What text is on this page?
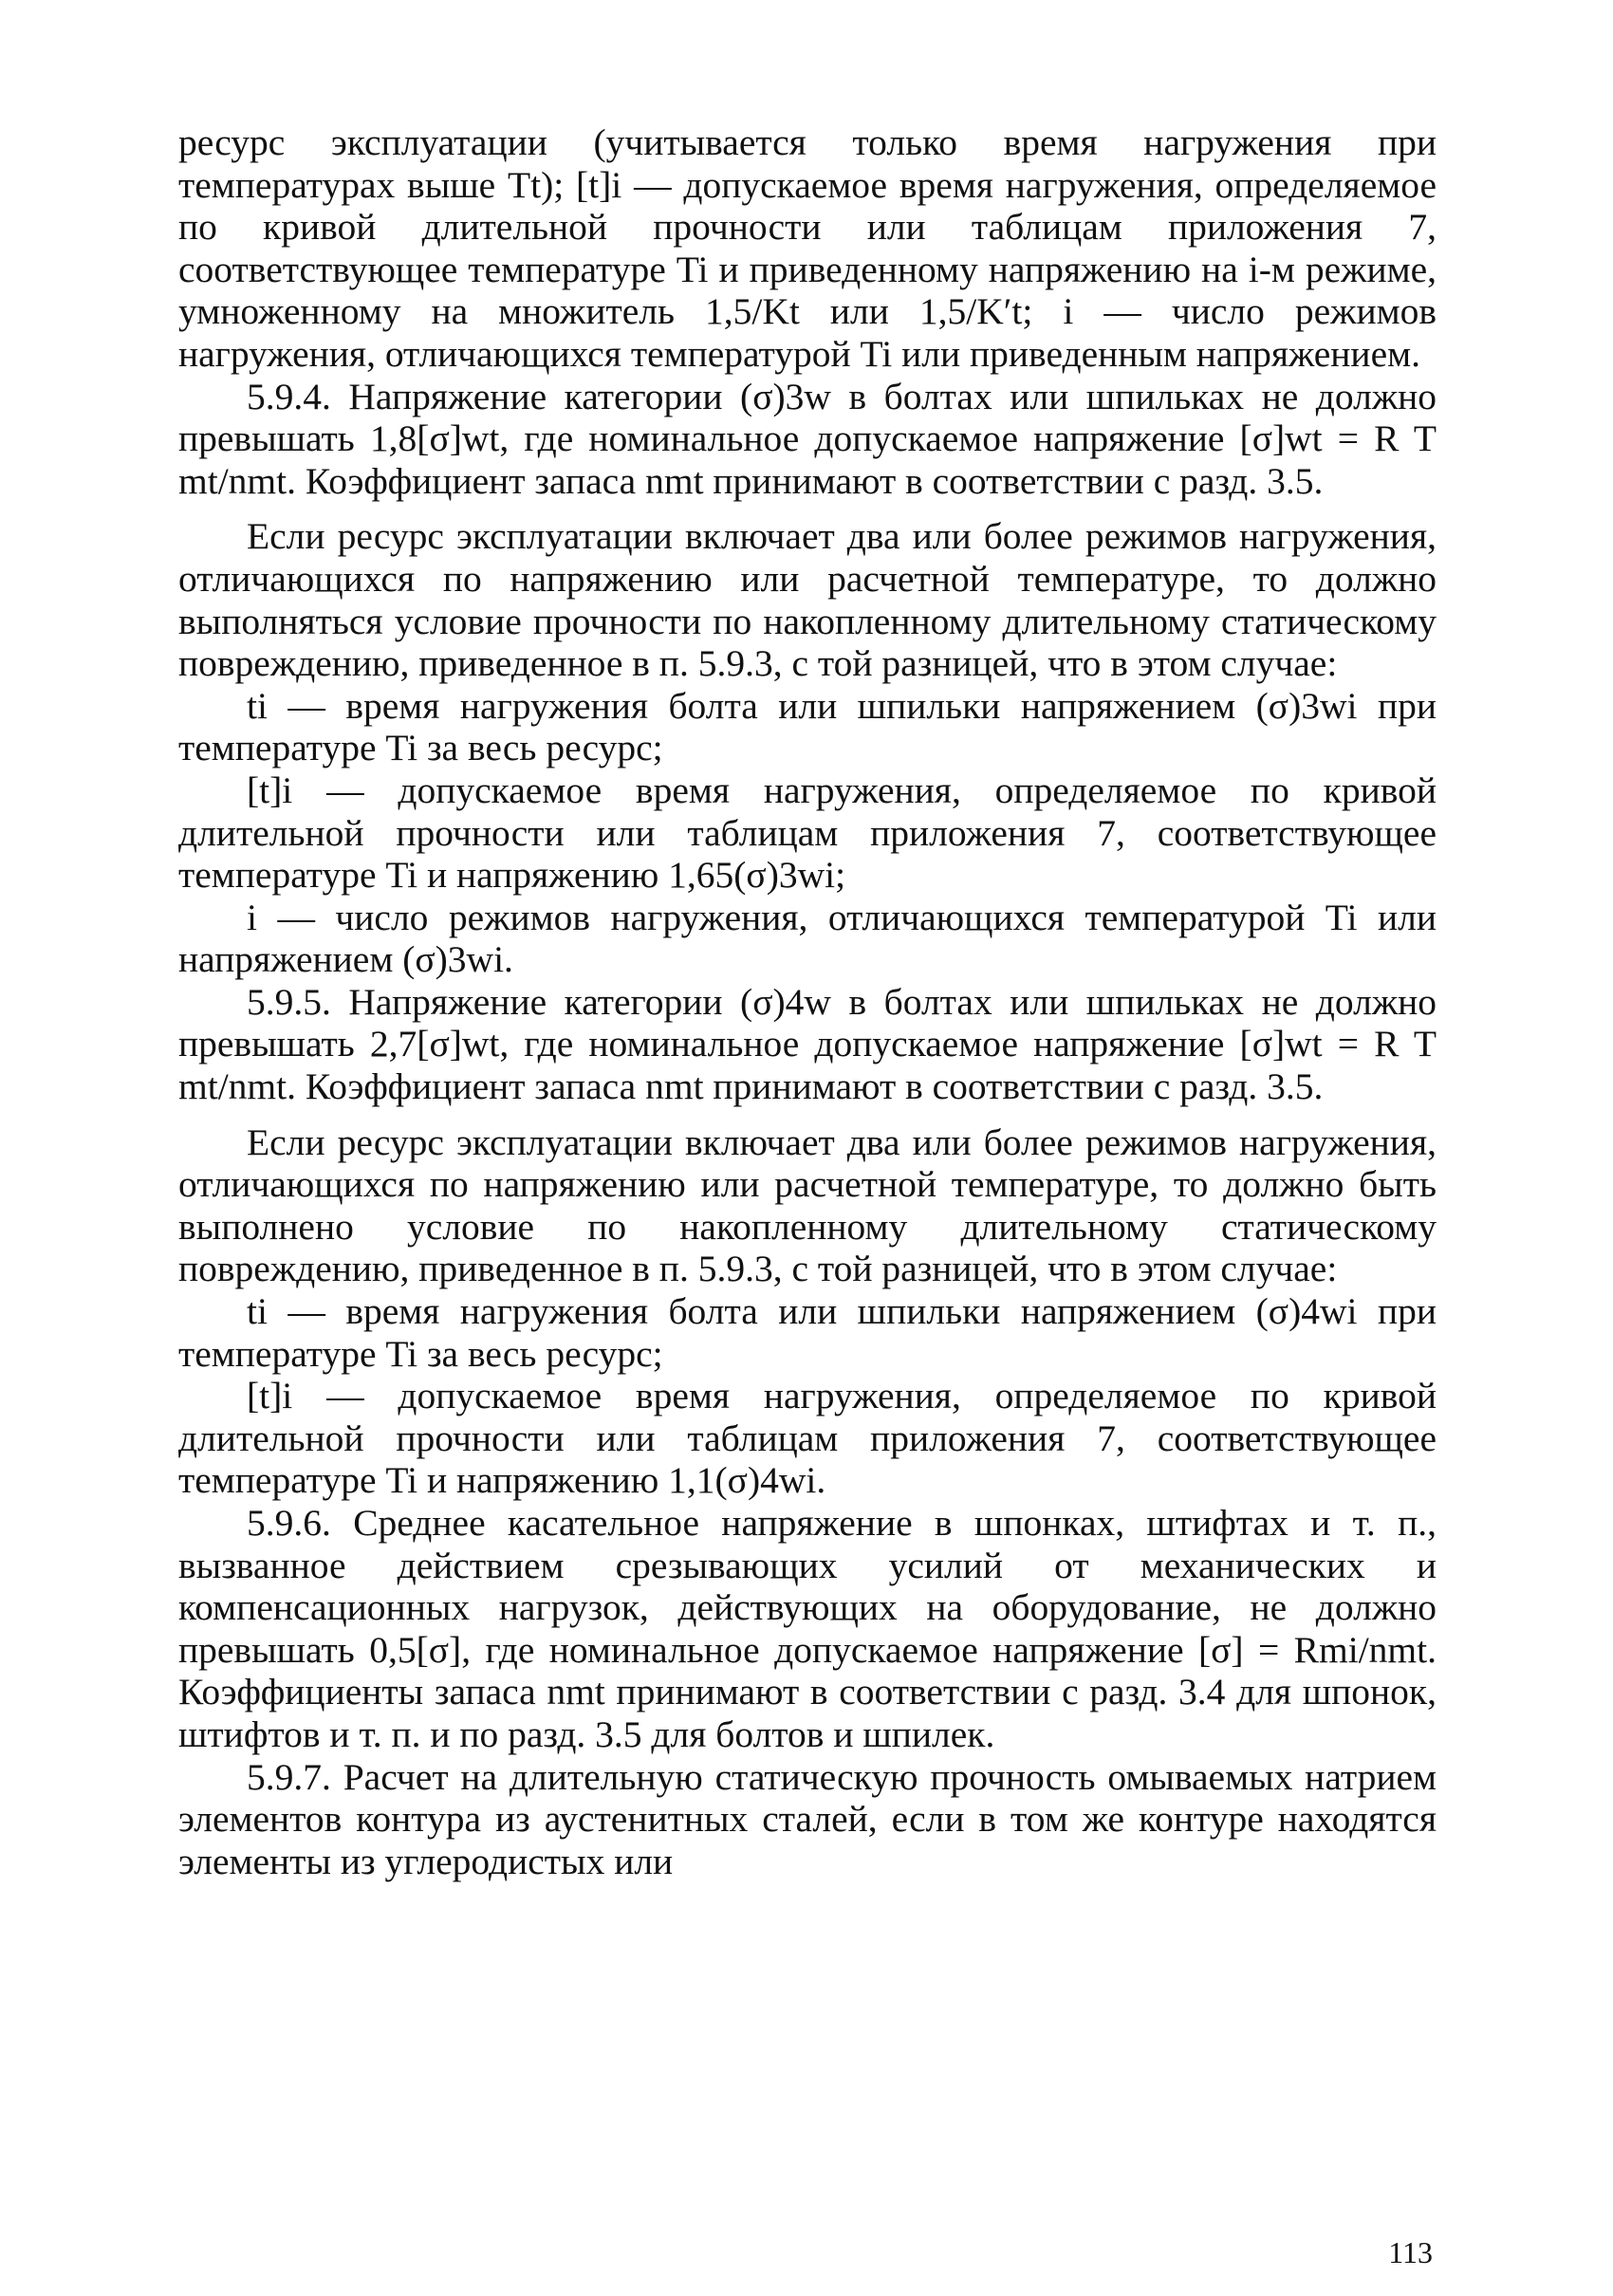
ресурс эксплуатации (учитывается только время нагружения при температурах выше Tt); [t]i — допускаемое время нагружения, определяемое по кривой длительной прочности или таблицам приложения 7, соответствующее температуре Ti и приведенному напряжению на i-м режиме, умноженному на множитель 1,5/Kt или 1,5/K′t; i — число режимов нагружения, отличающихся температурой Ti или приведенным напряжением.

5.9.4. Напряжение категории (σ)3w в болтах или шпильках не должно превышать 1,8[σ]wt, где номинальное допускаемое напряжение [σ]wt = R T mt/nmt. Коэффициент запаса nmt принимают в соответствии с разд. 3.5.

Если ресурс эксплуатации включает два или более режимов нагружения, отличающихся по напряжению или расчетной температуре, то должно выполняться условие прочности по накопленному длительному статическому повреждению, приведенное в п. 5.9.3, с той разницей, что в этом случае:

ti — время нагружения болта или шпильки напряжением (σ)3wi при температуре Ti за весь ресурс;

[t]i — допускаемое время нагружения, определяемое по кривой длительной прочности или таблицам приложения 7, соответствующее температуре Ti и напряжению 1,65(σ)3wi;

i — число режимов нагружения, отличающихся температурой Ti или напряжением (σ)3wi.

5.9.5. Напряжение категории (σ)4w в болтах или шпильках не должно превышать 2,7[σ]wt, где номинальное допускаемое напряжение [σ]wt = R T mt/nmt. Коэффициент запаса nmt принимают в соответствии с разд. 3.5.

Если ресурс эксплуатации включает два или более режимов нагружения, отличающихся по напряжению или расчетной температуре, то должно быть выполнено условие по накопленному длительному статическому повреждению, приведенное в п. 5.9.3, с той разницей, что в этом случае:

ti — время нагружения болта или шпильки напряжением (σ)4wi при температуре Ti за весь ресурс;

[t]i — допускаемое время нагружения, определяемое по кривой длительной прочности или таблицам приложения 7, соответствующее температуре Ti и напряжению 1,1(σ)4wi.

5.9.6. Среднее касательное напряжение в шпонках, штифтах и т. п., вызванное действием срезывающих усилий от механических и компенсационных нагрузок, действующих на оборудование, не должно превышать 0,5[σ], где номинальное допускаемое напряжение [σ] = Rmi/nmt. Коэффициенты запаса nmt принимают в соответствии с разд. 3.4 для шпонок, штифтов и т. п. и по разд. 3.5 для болтов и шпилек.

5.9.7. Расчет на длительную статическую прочность омываемых натрием элементов контура из аустенитных сталей, если в том же контуре находятся элементы из углеродистых или

113
